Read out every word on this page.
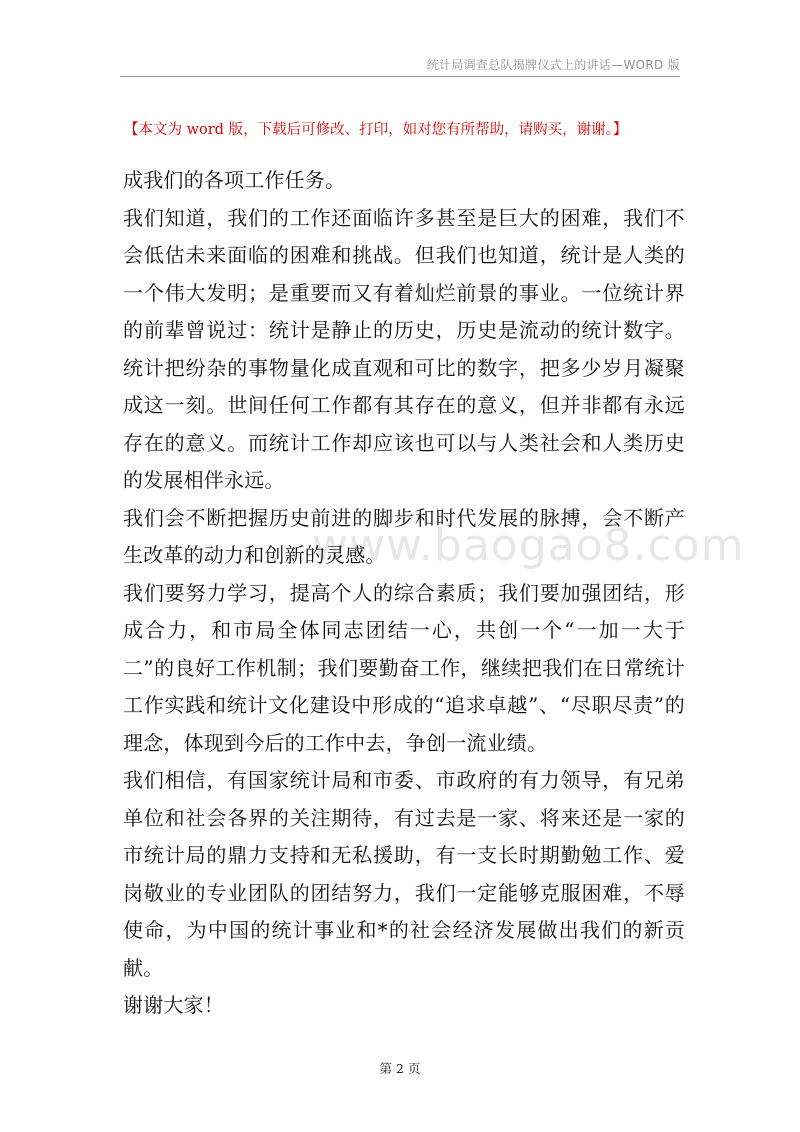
统计局调查总队揭牌仪式上的讲话—WORD 版
【本文为 word 版，下载后可修改、打印，如对您有所帮助，请购买，谢谢。】
www.baogao8.com

成我们的各项工作任务。

我们知道，我们的工作还面临许多甚至是巨大的困难，我们不会低估未来面临的困难和挑战。但我们也知道，统计是人类的一个伟大发明；是重要而又有着灿烂前景的事业。一位统计界的前辈曾说过：统计是静止的历史，历史是流动的统计数字。统计把纷杂的事物量化成直观和可比的数字，把多少岁月凝聚成这一刻。世间任何工作都有其存在的意义，但并非都有永远存在的意义。而统计工作却应该也可以与人类社会和人类历史的发展相伴永远。

我们会不断把握历史前进的脚步和时代发展的脉搏，会不断产生改革的动力和创新的灵感。

我们要努力学习，提高个人的综合素质；我们要加强团结，形成合力，和市局全体同志团结一心，共创一个“一加一大于二”的良好工作机制；我们要勤奋工作，继续把我们在日常统计工作实践和统计文化建设中形成的“追求卓越”、“尽职尽责”的理念，体现到今后的工作中去，争创一流业绩。

我们相信，有国家统计局和市委、市政府的有力领导，有兄弟单位和社会各界的关注期待，有过去是一家、将来还是一家的市统计局的鼎力支持和无私援助，有一支长时期勤勉工作、爱岗敬业的专业团队的团结努力，我们一定能够克服困难，不辱使命，为中国的统计事业和*的社会经济发展做出我们的新贡献。

谢谢大家！

第 2 页
